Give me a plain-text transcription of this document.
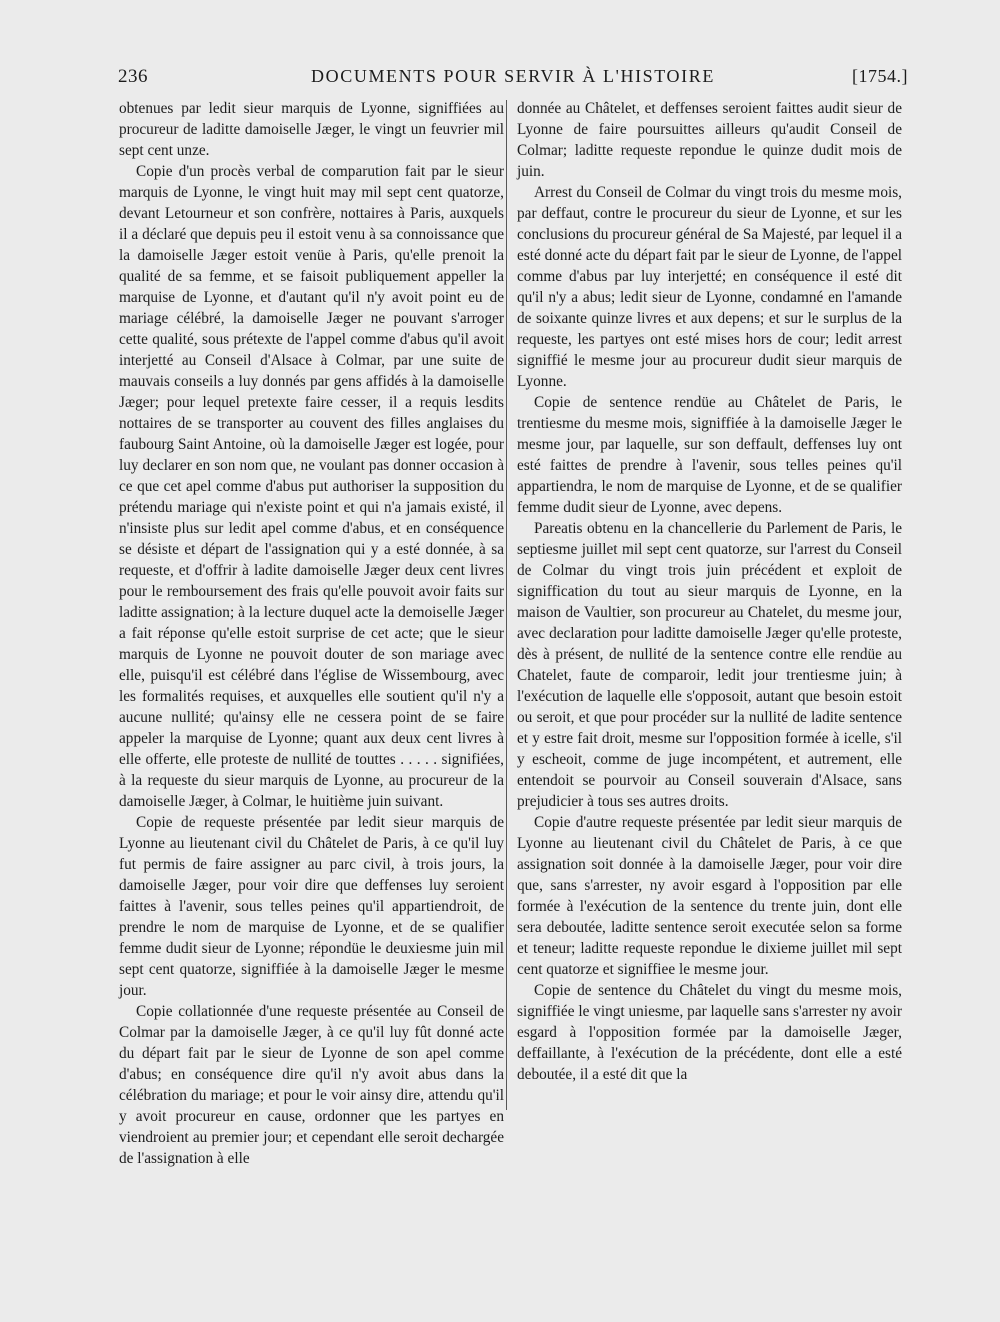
236	DOCUMENTS POUR SERVIR À L'HISTOIRE	[1754.]

obtenues par ledit sieur marquis de Lyonne, signiffiées au procureur de laditte damoiselle Jæger, le vingt un feuvrier mil sept cent unze.

Copie d'un procès verbal de comparution fait par le sieur marquis de Lyonne, le vingt huit may mil sept cent quatorze, devant Letourneur et son confrère, nottaires à Paris, auxquels il a déclaré que depuis peu il estoit venu à sa connoissance que la damoiselle Jæger estoit venüe à Paris, qu'elle prenoit la qualité de sa femme, et se faisoit publiquement appeller la marquise de Lyonne, et d'autant qu'il n'y avoit point eu de mariage célébré, la damoiselle Jæger ne pouvant s'arroger cette qualité, sous prétexte de l'appel comme d'abus qu'il avoit interjetté au Conseil d'Alsace à Colmar, par une suite de mauvais conseils a luy donnés par gens affidés à la damoiselle Jæger; pour lequel pretexte faire cesser, il a requis lesdits nottaires de se transporter au couvent des filles anglaises du faubourg Saint Antoine, où la damoiselle Jæger est logée, pour luy declarer en son nom que, ne voulant pas donner occasion à ce que cet apel comme d'abus put authoriser la supposition du prétendu mariage qui n'existe point et qui n'a jamais existé, il n'insiste plus sur ledit apel comme d'abus, et en conséquence se désiste et départ de l'assignation qui y a esté donnée, à sa requeste, et d'offrir à ladite damoiselle Jæger deux cent livres pour le remboursement des frais qu'elle pouvoit avoir faits sur laditte assignation; à la lecture duquel acte la demoiselle Jæger a fait réponse qu'elle estoit surprise de cet acte; que le sieur marquis de Lyonne ne pouvoit douter de son mariage avec elle, puisqu'il est célébré dans l'église de Wissembourg, avec les formalités requises, et auxquelles elle soutient qu'il n'y a aucune nullité; qu'ainsy elle ne cessera point de se faire appeler la marquise de Lyonne; quant aux deux cent livres à elle offerte, elle proteste de nullité de touttes . . . . . signifiées, à la requeste du sieur marquis de Lyonne, au procureur de la damoiselle Jæger, à Colmar, le huitième juin suivant.

Copie de requeste présentée par ledit sieur marquis de Lyonne au lieutenant civil du Châtelet de Paris, à ce qu'il luy fut permis de faire assigner au parc civil, à trois jours, la damoiselle Jæger, pour voir dire que deffenses luy seroient faittes à l'avenir, sous telles peines qu'il appartiendroit, de prendre le nom de marquise de Lyonne, et de se qualifier femme dudit sieur de Lyonne; répondüe le deuxiesme juin mil sept cent quatorze, signiffiée à la damoiselle Jæger le mesme jour.

Copie collationnée d'une requeste présentée au Conseil de Colmar par la damoiselle Jæger, à ce qu'il luy fût donné acte du départ fait par le sieur de Lyonne de son apel comme d'abus; en conséquence dire qu'il n'y avoit abus dans la célébration du mariage; et pour le voir ainsy dire, attendu qu'il y avoit procureur en cause, ordonner que les partyes en viendroient au premier jour; et cependant elle seroit dechargée de l'assignation à elle

donnée au Châtelet, et deffenses seroient faittes audit sieur de Lyonne de faire poursuittes ailleurs qu'audit Conseil de Colmar; laditte requeste repondue le quinze dudit mois de juin.

Arrest du Conseil de Colmar du vingt trois du mesme mois, par deffaut, contre le procureur du sieur de Lyonne, et sur les conclusions du procureur général de Sa Majesté, par lequel il a esté donné acte du départ fait par le sieur de Lyonne, de l'appel comme d'abus par luy interjetté; en conséquence il esté dit qu'il n'y a abus; ledit sieur de Lyonne, condamné en l'amande de soixante quinze livres et aux depens; et sur le surplus de la requeste, les partyes ont esté mises hors de cour; ledit arrest signiffié le mesme jour au procureur dudit sieur marquis de Lyonne.

Copie de sentence rendüe au Châtelet de Paris, le trentiesme du mesme mois, signiffiée à la damoiselle Jæger le mesme jour, par laquelle, sur son deffault, deffenses luy ont esté faittes de prendre à l'avenir, sous telles peines qu'il appartiendra, le nom de marquise de Lyonne, et de se qualifier femme dudit sieur de Lyonne, avec depens.

Pareatis obtenu en la chancellerie du Parlement de Paris, le septiesme juillet mil sept cent quatorze, sur l'arrest du Conseil de Colmar du vingt trois juin précédent et exploit de signiffication du tout au sieur marquis de Lyonne, en la maison de Vaultier, son procureur au Chatelet, du mesme jour, avec declaration pour laditte damoiselle Jæger qu'elle proteste, dès à présent, de nullité de la sentence contre elle rendüe au Chatelet, faute de comparoir, ledit jour trentiesme juin; à l'exécution de laquelle elle s'opposoit, autant que besoin estoit ou seroit, et que pour procéder sur la nullité de ladite sentence et y estre fait droit, mesme sur l'opposition formée à icelle, s'il y escheoit, comme de juge incompétent, et autrement, elle entendoit se pourvoir au Conseil souverain d'Alsace, sans prejudicier à tous ses autres droits.

Copie d'autre requeste présentée par ledit sieur marquis de Lyonne au lieutenant civil du Châtelet de Paris, à ce que assignation soit donnée à la damoiselle Jæger, pour voir dire que, sans s'arrester, ny avoir esgard à l'opposition par elle formée à l'exécution de la sentence du trente juin, dont elle sera deboutée, laditte sentence seroit executée selon sa forme et teneur; laditte requeste repondue le dixieme juillet mil sept cent quatorze et signiffiee le mesme jour.

Copie de sentence du Châtelet du vingt du mesme mois, signiffiée le vingt uniesme, par laquelle sans s'arrester ny avoir esgard à l'opposition formée par la damoiselle Jæger, deffaillante, à l'exécution de la précédente, dont elle a esté deboutée, il a esté dit que la
